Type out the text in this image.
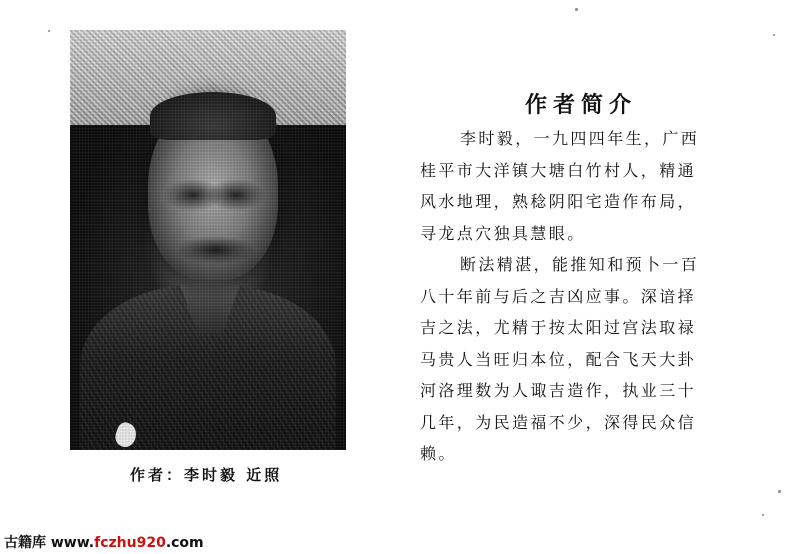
作者：李时毅 近照
作者简介
李时毅，一九四四年生，广西
桂平市大洋镇大塘白竹村人，精通
风水地理，熟稔阴阳宅造作布局，
寻龙点穴独具慧眼。
断法精湛，能推知和预卜一百
八十年前与后之吉凶应事。深谙择
吉之法，尤精于按太阳过宫法取禄
马贵人当旺归本位，配合飞天大卦
河洛理数为人诹吉造作，执业三十
几年，为民造福不少，深得民众信
赖。
古籍库 www.fczhu920.com
